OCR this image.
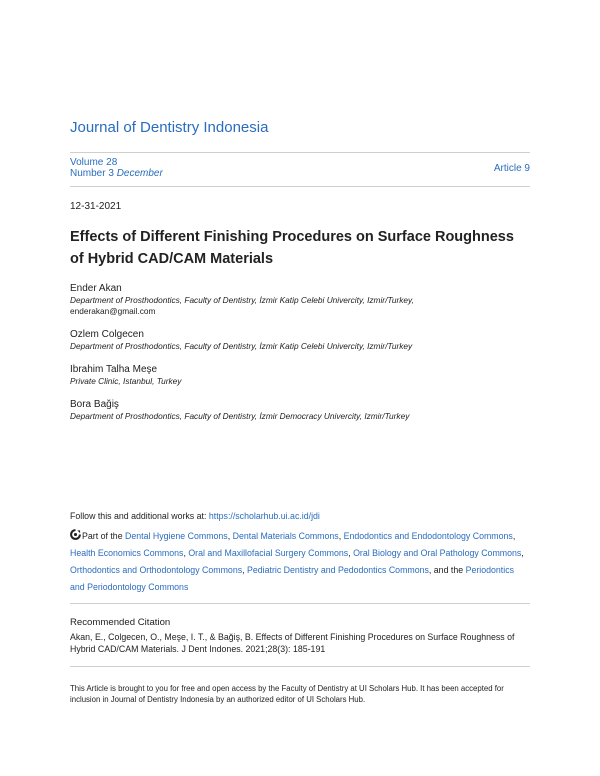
Journal of Dentistry Indonesia
Volume 28
Number 3 December	Article 9
12-31-2021
Effects of Different Finishing Procedures on Surface Roughness
of Hybrid CAD/CAM Materials
Ender Akan
Department of Prosthodontics, Faculty of Dentistry, İzmir Katip Celebi Univercity, Izmir/Turkey,
enderakan@gmail.com
Ozlem Colgecen
Department of Prosthodontics, Faculty of Dentistry, İzmir Katip Celebi Univercity, Izmir/Turkey
Ibrahim Talha Meşe
Private Clinic, Istanbul, Turkey
Bora Bağiş
Department of Prosthodontics, Faculty of Dentistry, İzmir Democracy Univercity, Izmir/Turkey
Follow this and additional works at: https://scholarhub.ui.ac.id/jdi
Part of the Dental Hygiene Commons, Dental Materials Commons, Endodontics and Endodontology Commons, Health Economics Commons, Oral and Maxillofacial Surgery Commons, Oral Biology and Oral Pathology Commons, Orthodontics and Orthodontology Commons, Pediatric Dentistry and Pedodontics Commons, and the Periodontics and Periodontology Commons
Recommended Citation
Akan, E., Colgecen, O., Meşe, I. T., & Bağiş, B. Effects of Different Finishing Procedures on Surface Roughness of Hybrid CAD/CAM Materials. J Dent Indones. 2021;28(3): 185-191
This Article is brought to you for free and open access by the Faculty of Dentistry at UI Scholars Hub. It has been accepted for inclusion in Journal of Dentistry Indonesia by an authorized editor of UI Scholars Hub.
